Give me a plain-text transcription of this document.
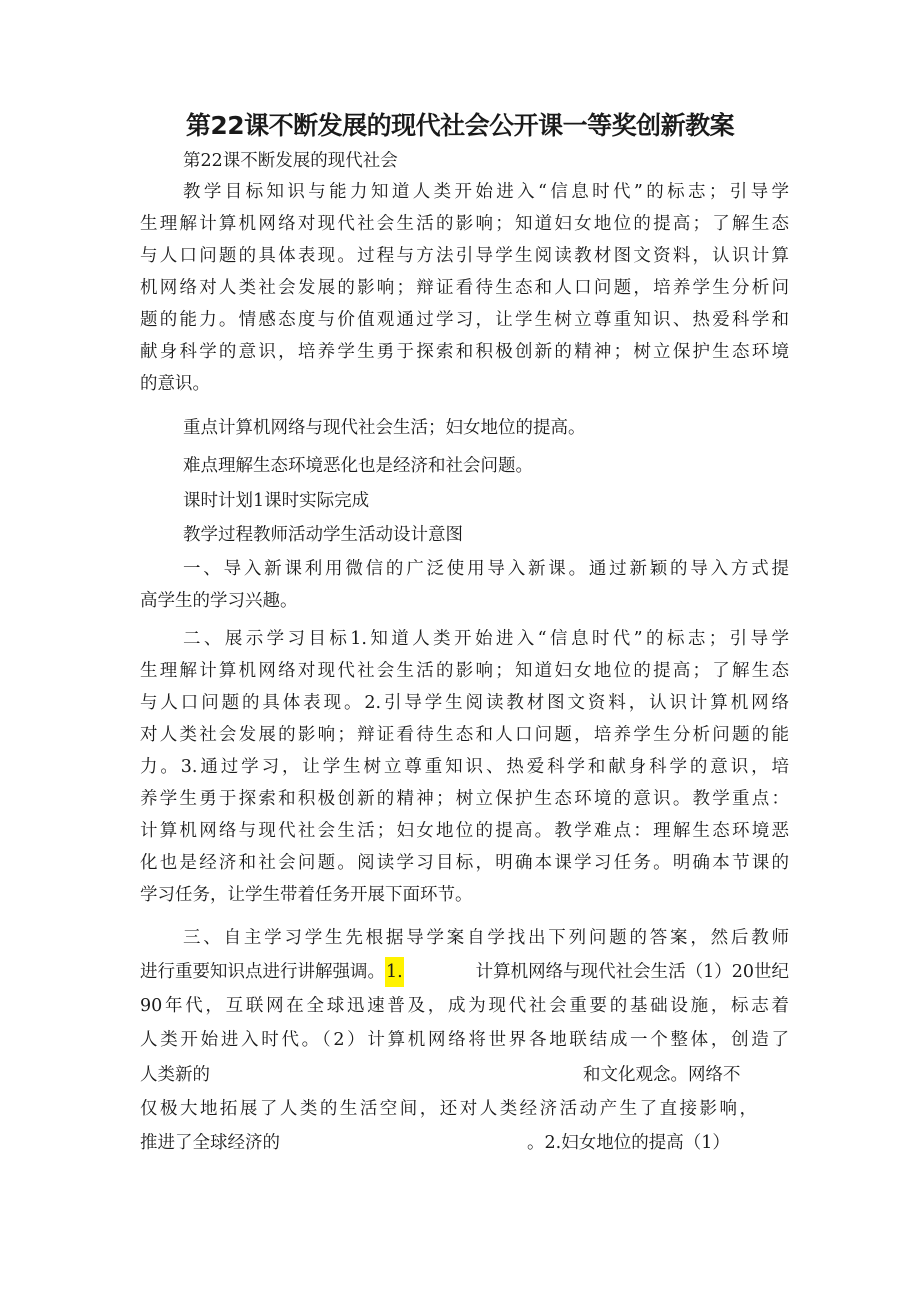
第22课不断发展的现代社会公开课一等奖创新教案

第22课不断发展的现代社会

教学目标知识与能力知道人类开始进入“信息时代”的标志；引导学

生理解计算机网络对现代社会生活的影响；知道妇女地位的提高；了解生态

与人口问题的具体表现。过程与方法引导学生阅读教材图文资料，认识计算

机网络对人类社会发展的影响；辩证看待生态和人口问题，培养学生分析问

题的能力。情感态度与价值观通过学习，让学生树立尊重知识、热爱科学和

献身科学的意识，培养学生勇于探索和积极创新的精神；树立保护生态环境

的意识。

重点计算机网络与现代社会生活；妇女地位的提高。

难点理解生态环境恶化也是经济和社会问题。

课时计划1课时实际完成

教学过程教师活动学生活动设计意图

一、导入新课利用微信的广泛使用导入新课。通过新颖的导入方式提

高学生的学习兴趣。

二、展示学习目标1.知道人类开始进入“信息时代”的标志；引导学

生理解计算机网络对现代社会生活的影响；知道妇女地位的提高；了解生态

与人口问题的具体表现。2.引导学生阅读教材图文资料，认识计算机网络

对人类社会发展的影响；辩证看待生态和人口问题，培养学生分析问题的能

力。3.通过学习，让学生树立尊重知识、热爱科学和献身科学的意识，培

养学生勇于探索和积极创新的精神；树立保护生态环境的意识。教学重点：

计算机网络与现代社会生活；妇女地位的提高。教学难点：理解生态环境恶

化也是经济和社会问题。阅读学习目标，明确本课学习任务。明确本节课的

学习任务，让学生带着任务开展下面环节。

三、自主学习学生先根据导学案自学找出下列问题的答案，然后教师

进行重要知识点进行讲解强调。 1.	计算机网络与现代社会生活（1）20世纪

90年代，互联网在全球迅速普及，成为现代社会重要的基础设施，标志着

人类开始进入时代。（2）计算机网络将世界各地联结成一个整体，创造了

人类新的	和文化观念。网络不

仅极大地拓展了人类的生活空间，还对人类经济活动产生了直接影响，

推进了全球经济的	。2.妇女地位的提高（1）
